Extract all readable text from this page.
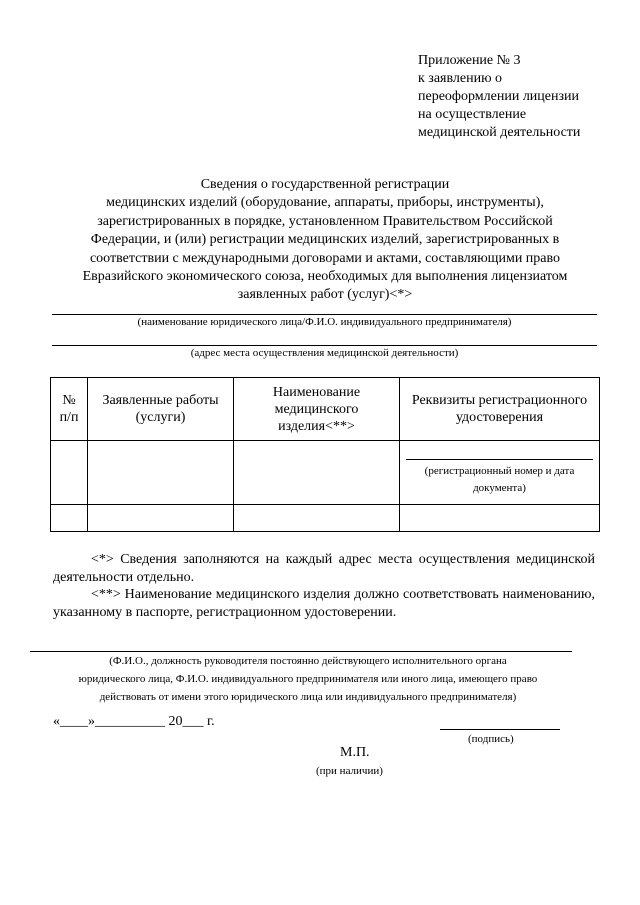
Приложение № 3
к заявлению о
переоформлении лицензии
на осуществление
медицинской деятельности
Сведения о государственной регистрации
медицинских изделий (оборудование, аппараты, приборы, инструменты),
зарегистрированных в порядке, установленном Правительством Российской
Федерации, и (или) регистрации медицинских изделий, зарегистрированных в
соответствии с международными договорами и актами, составляющими право
Евразийского экономического союза, необходимых для выполнения лицензиатом
заявленных работ (услуг)<*>
(наименование юридического лица/Ф.И.О. индивидуального предпринимателя)
(адрес места осуществления медицинской деятельности)
№
п/п	Заявленные работы (услуги)	Наименование медицинского изделия<**>	Реквизиты регистрационного удостоверения

			(регистрационный номер и дата документа)

<*> Сведения заполняются на каждый адрес места осуществления медицинской деятельности отдельно.

<**> Наименование медицинского изделия должно соответствовать наименованию, указанному в паспорте, регистрационном удостоверении.

(Ф.И.О., должность руководителя постоянно действующего исполнительного органа
юридического лица, Ф.И.О. индивидуального предпринимателя или иного лица, имеющего право
действовать от имени этого юридического лица или индивидуального предпринимателя)
«____»__________ 20___ г.
(подпись)
М.П.
(при наличии)
